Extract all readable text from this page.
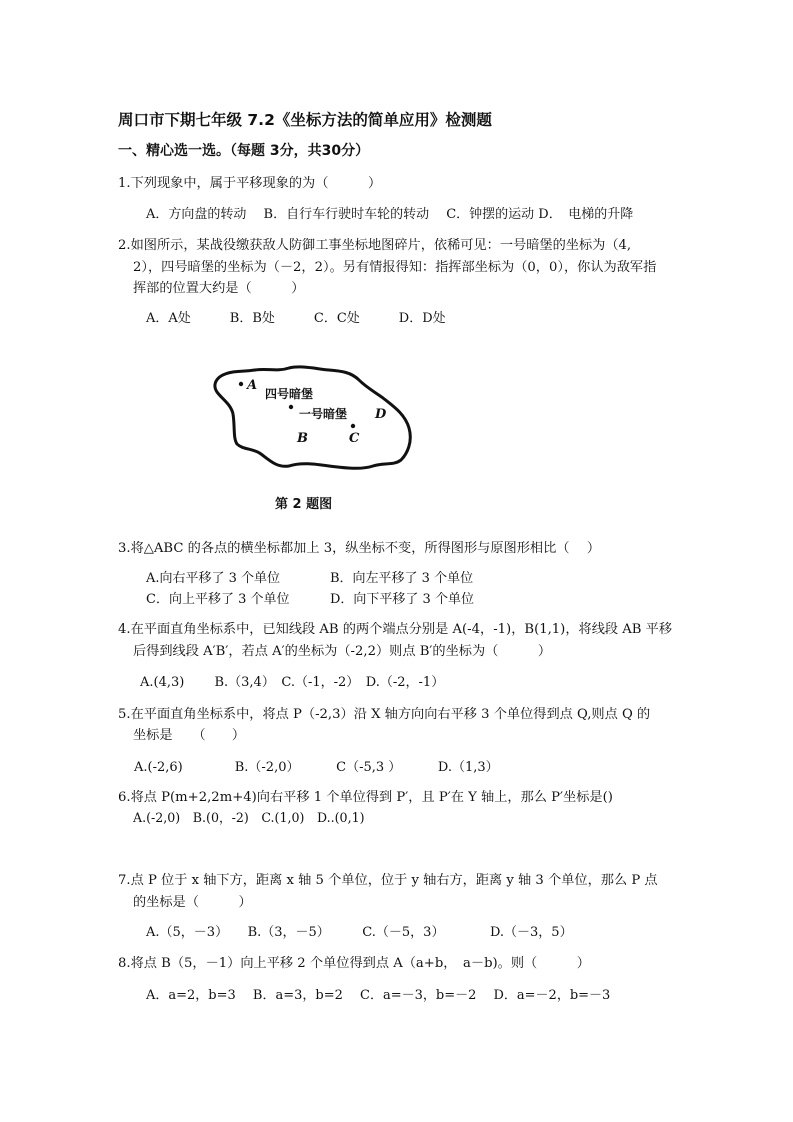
周口市下期七年级 7.2《坐标方法的简单应用》检测题
一、精心选一选。（每题 3分，共30分）
1.下列现象中，属于平移现象的为（　　　）
A．方向盘的转动　 B．自行车行驶时车轮的转动　 C．钟摆的运动 D．　电梯的升降
2.如图所示，某战役缴获敌人防御工事坐标地图碎片，依稀可见：一号暗堡的坐标为（4,
2），四号暗堡的坐标为（－2，2）。另有情报得知：指挥部坐标为（0，0），你认为敌军指
挥部的位置大约是（　　　）
A．A处　　　B．B处　　　C．C处　　　D．D处
A
四号暗堡
一号暗堡 D
B	C
第 2 题图
3.将△ABC 的各点的横坐标都加上 3，纵坐标不变，所得图形与原图形相比（　 ）
A.向右平移了 3 个单位	B．向左平移了 3 个单位
C．向上平移了 3 个单位	D．向下平移了 3 个单位
4.在平面直角坐标系中，已知线段 AB 的两个端点分别是 A(-4，-1)，B(1,1)，将线段 AB 平移
后得到线段 A′B′，若点 A′的坐标为（-2,2）则点 B′的坐标为（　　　）
A.(4,3)　　 B.（3,4）　C.（-1，-2）　D.（-2，-1）
5.在平面直角坐标系中，将点 P（-2,3）沿 X 轴方向向右平移 3 个单位得到点 Q,则点 Q 的
坐标是　　（　　）
A.(-2,6)　　　　B.（-2,0）　　　 C（-5,3 ）　　　 D.（1,3）
6.将点 P(m+2,2m+4)向右平移 1 个单位得到 P′，且 P′在 Y 轴上，那么 P′坐标是()
A.(-2,0)　B.(0，-2)　C.(1,0)　D..(0,1)
7.点 P 位于 x 轴下方，距离 x 轴 5 个单位，位于 y 轴右方，距离 y 轴 3 个单位，那么 P 点
的坐标是（　　　）
A.（5，－3）　　B.（3，－5）　　　C.（－5，3）　　　　D.（－3，5）
8.将点 B（5，－1）向上平移 2 个单位得到点 A（a+b，　a－b)。则（　　　）
A．a=2，b=3　 B．a=3，b=2　 C．a=－3，b=－2　 D．a=－2，b=－3
